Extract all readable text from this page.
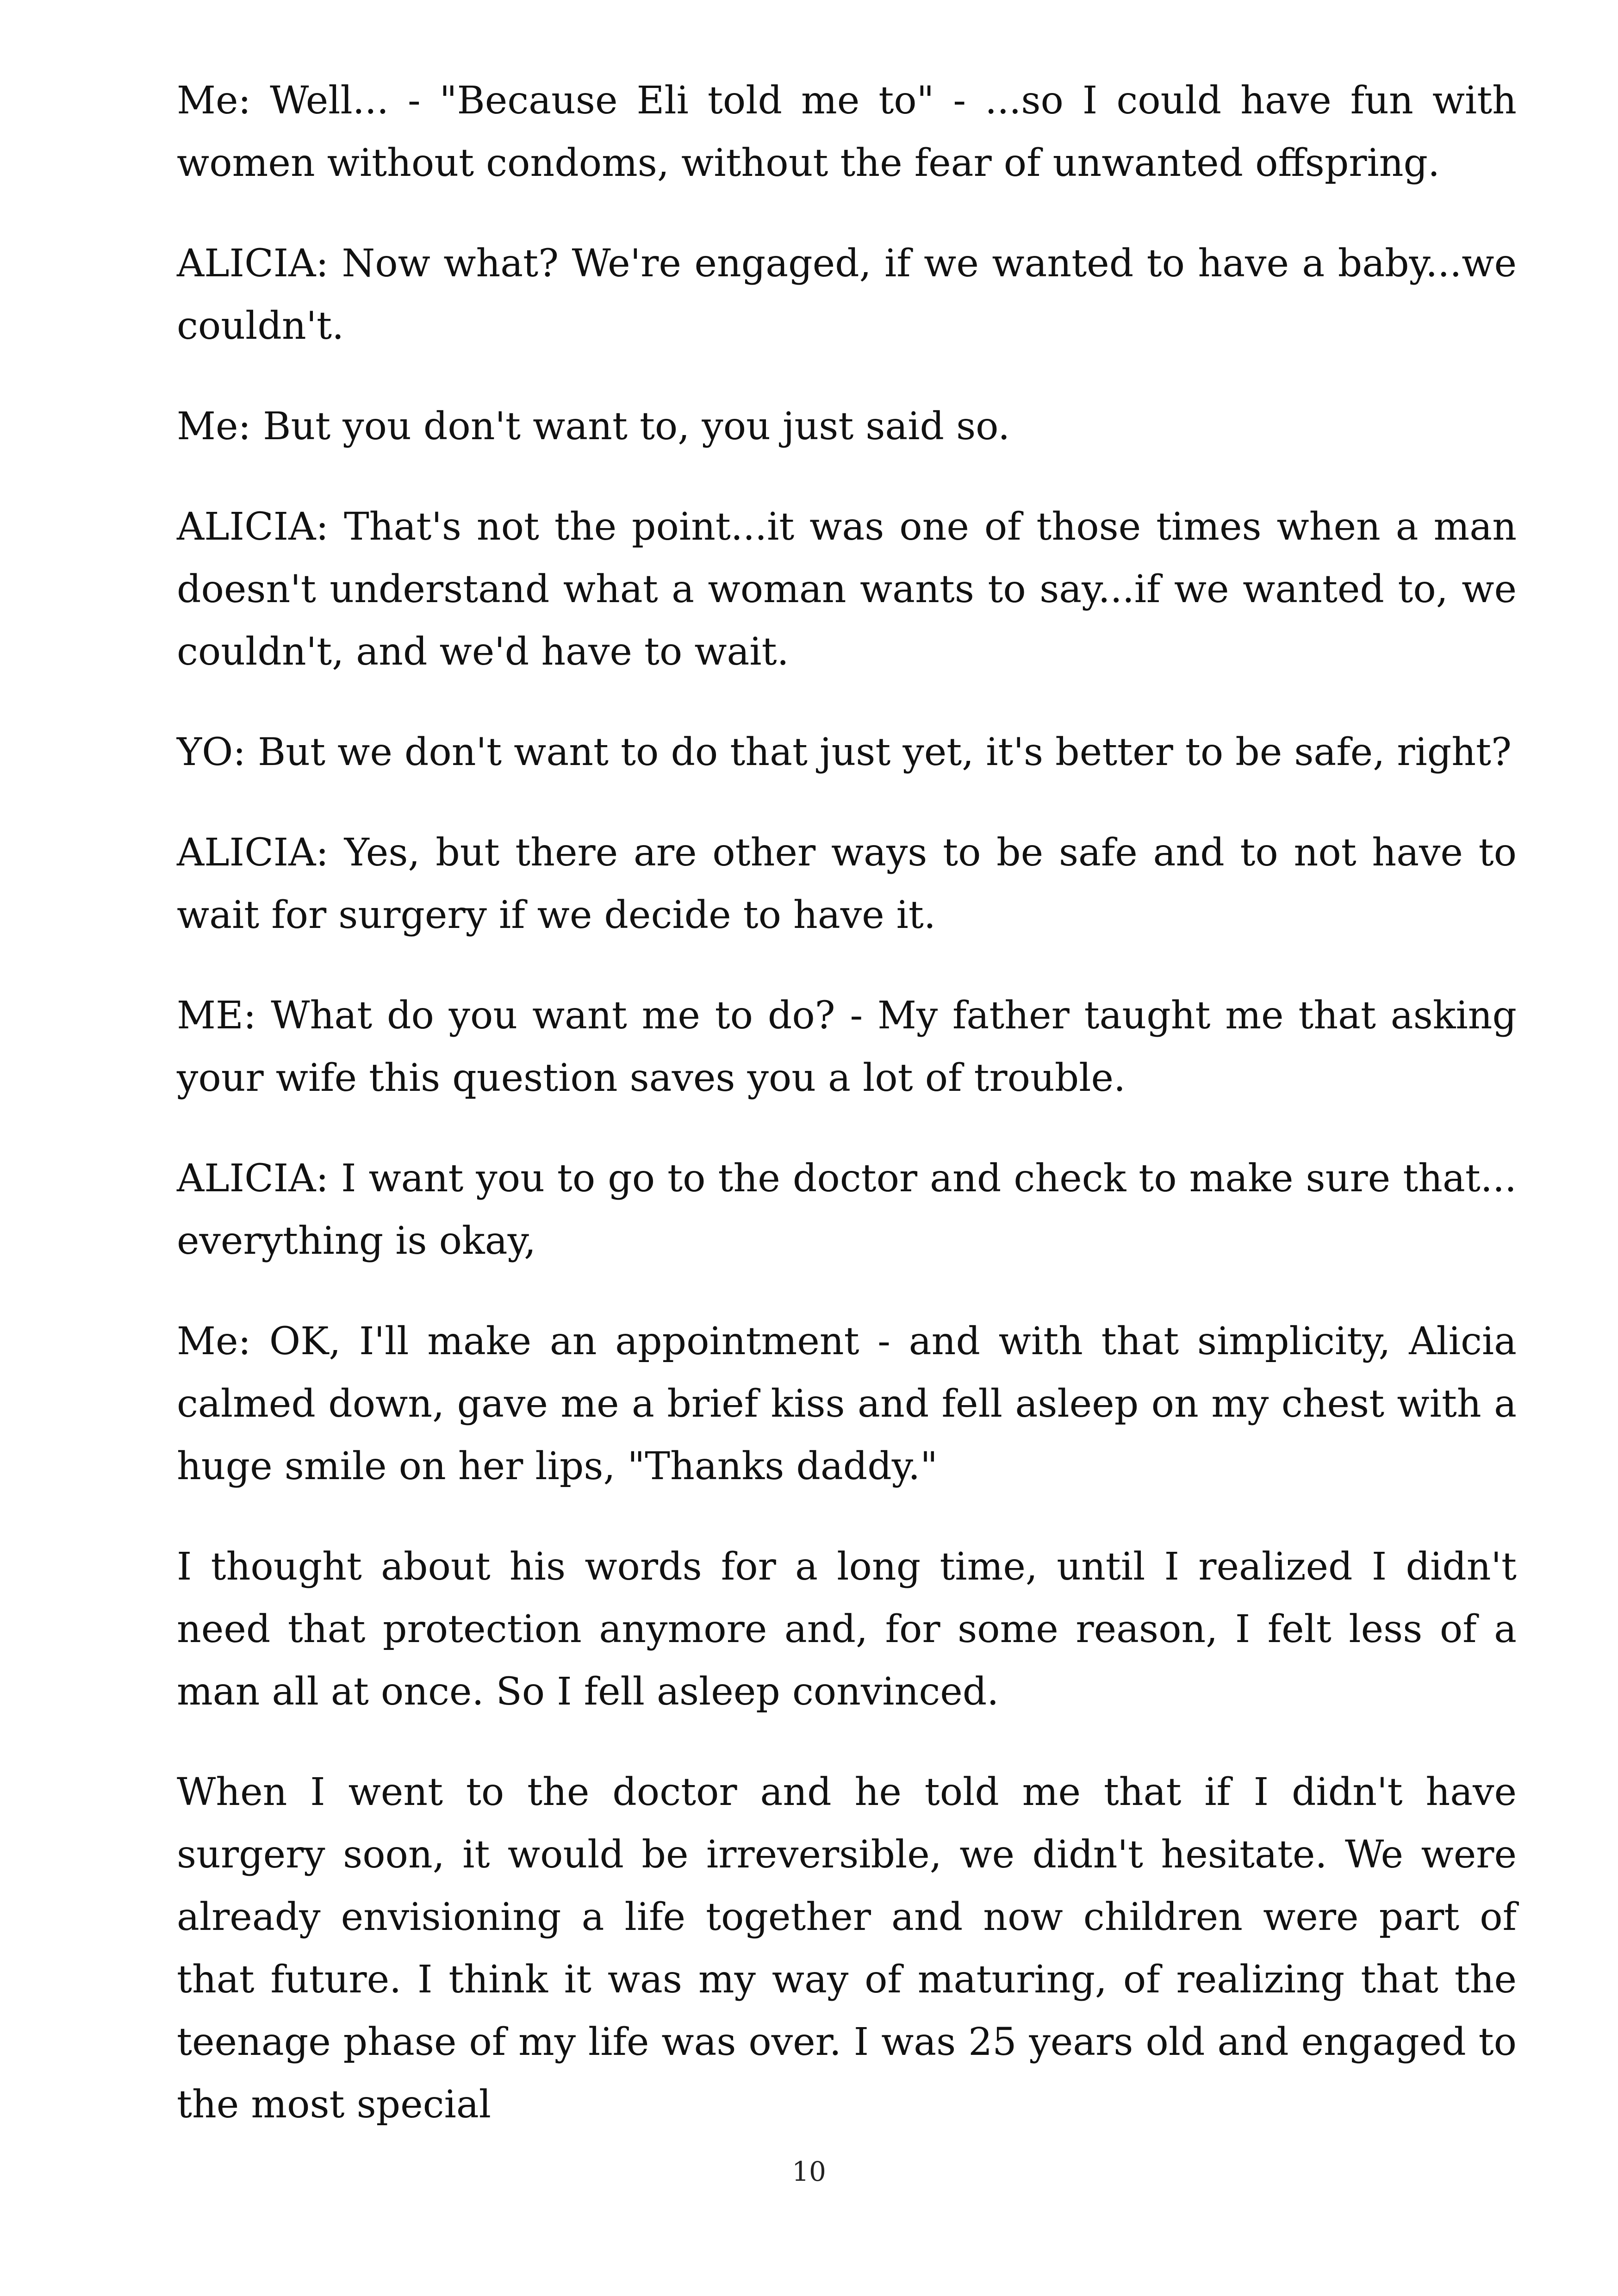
Me: Well... - "Because Eli told me to" - ...so I could have fun with women without condoms, without the fear of unwanted offspring.

ALICIA: Now what? We're engaged, if we wanted to have a baby...we couldn't.

Me: But you don't want to, you just said so.

ALICIA: That's not the point...it was one of those times when a man doesn't understand what a woman wants to say...if we wanted to, we couldn't, and we'd have to wait.

YO: But we don't want to do that just yet, it's better to be safe, right?

ALICIA: Yes, but there are other ways to be safe and to not have to wait for surgery if we decide to have it.

ME: What do you want me to do? - My father taught me that asking your wife this question saves you a lot of trouble.

ALICIA: I want you to go to the doctor and check to make sure that... everything is okay,

Me: OK, I'll make an appointment - and with that simplicity, Alicia calmed down, gave me a brief kiss and fell asleep on my chest with a huge smile on her lips, "Thanks daddy."

I thought about his words for a long time, until I realized I didn't need that protection anymore and, for some reason, I felt less of a man all at once. So I fell asleep convinced.

When I went to the doctor and he told me that if I didn't have surgery soon, it would be irreversible, we didn't hesitate. We were already envisioning a life together and now children were part of that future. I think it was my way of maturing, of realizing that the teenage phase of my life was over. I was 25 years old and engaged to the most special

10
